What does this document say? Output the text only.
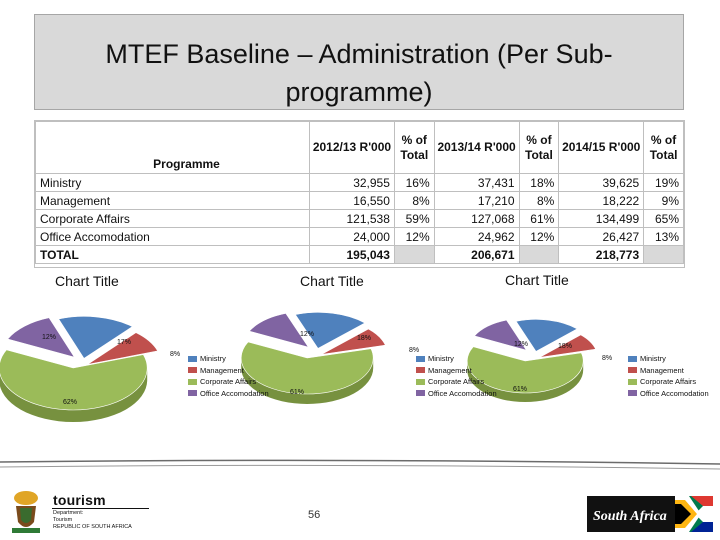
MTEF Baseline – Administration (Per Sub-programme)
Programme	2012/13 R'000	% of Total	2013/14 R'000	% of Total	2014/15 R'000	% of Total
Ministry	32,955	16%	37,431	18%	39,625	19%
Management	16,550	8%	17,210	8%	18,222	9%
Corporate Affairs	121,538	59%	127,068	61%	134,499	65%
Office Accomodation	24,000	12%	24,962	12%	26,427	13%
TOTAL	195,043		206,671		218,773	
Chart Title	Chart Title	Chart Title
17%
8%
62%
12%	18%
8%
61%
12%
18%
8%
61%
12%
Ministry
Management
Corporate Affairs
Office Accomodation
Ministry
Management
Corporate Affairs
Office Accomodation
Ministry
Management
Corporate Affairs
Office Accomodation
tourism
Department:
Tourism
REPUBLIC OF SOUTH AFRICA
56	South Africa
